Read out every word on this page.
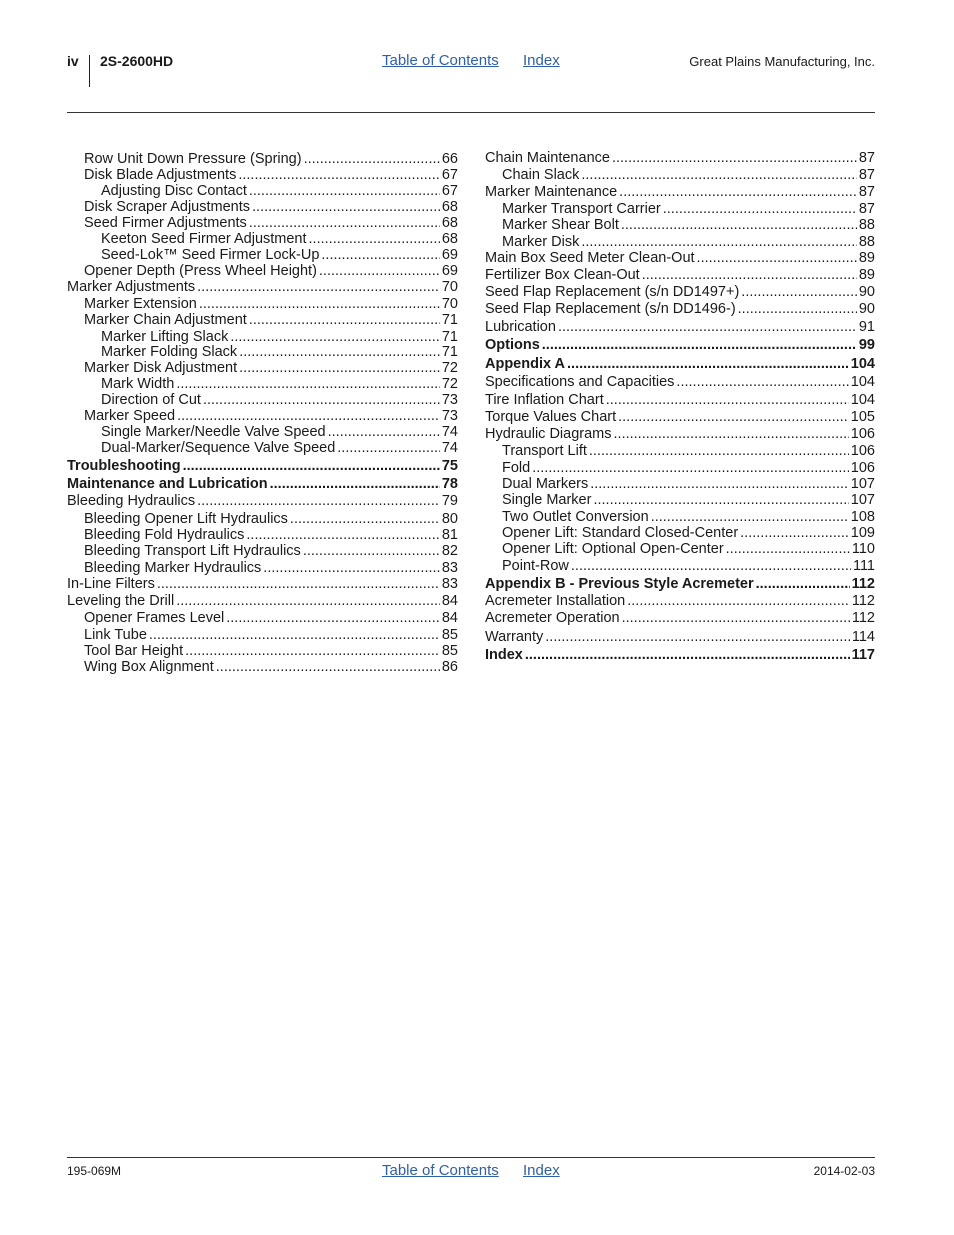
iv 2S-2600HD	Table of Contents Index	Great Plains Manufacturing, Inc.
Row Unit Down Pressure (Spring) .....	66
Disk Blade Adjustments .....	67
Adjusting Disc Contact .....	67
Disk Scraper Adjustments .....	68
Seed Firmer Adjustments .....	68
Keeton Seed Firmer Adjustment .....	68
Seed-Lok™ Seed Firmer Lock-Up .....	69
Opener Depth (Press Wheel Height) .....	69
Marker Adjustments .....	70
Marker Extension .....	70
Marker Chain Adjustment .....	71
Marker Lifting Slack .....	71
Marker Folding Slack .....	71
Marker Disk Adjustment .....	72
Mark Width .....	72
Direction of Cut .....	73
Marker Speed .....	73
Single Marker/Needle Valve Speed .....	74
Dual-Marker/Sequence Valve Speed .....	74
Troubleshooting .....	75
Maintenance and Lubrication .....	78
Bleeding Hydraulics .....	79
Bleeding Opener Lift Hydraulics .....	80
Bleeding Fold Hydraulics .....	81
Bleeding Transport Lift Hydraulics .....	82
Bleeding Marker Hydraulics .....	83
In-Line Filters .....	83
Leveling the Drill .....	84
Opener Frames Level .....	84
Link Tube .....	85
Tool Bar Height .....	85
Wing Box Alignment .....	86
Chain Maintenance .....	87
Chain Slack .....	87
Marker Maintenance .....	87
Marker Transport Carrier .....	87
Marker Shear Bolt .....	88
Marker Disk .....	88
Main Box Seed Meter Clean-Out .....	89
Fertilizer Box Clean-Out .....	89
Seed Flap Replacement (s/n DD1497+) .....	90
Seed Flap Replacement (s/n DD1496-) .....	90
Lubrication .....	91
Options .....	99
Appendix A .....	104
Specifications and Capacities .....	104
Tire Inflation Chart .....	104
Torque Values Chart .....	105
Hydraulic Diagrams .....	106
Transport Lift .....	106
Fold .....	106
Dual Markers .....	107
Single Marker .....	107
Two Outlet Conversion .....	108
Opener Lift: Standard Closed-Center .....	109
Opener Lift: Optional Open-Center .....	110
Point-Row .....	111
Appendix B - Previous Style Acremeter .....	112
Acremeter Installation .....	112
Acremeter Operation .....	112
Warranty .....	114
Index .....	117
195-069M	Table of Contents Index	2014-02-03
